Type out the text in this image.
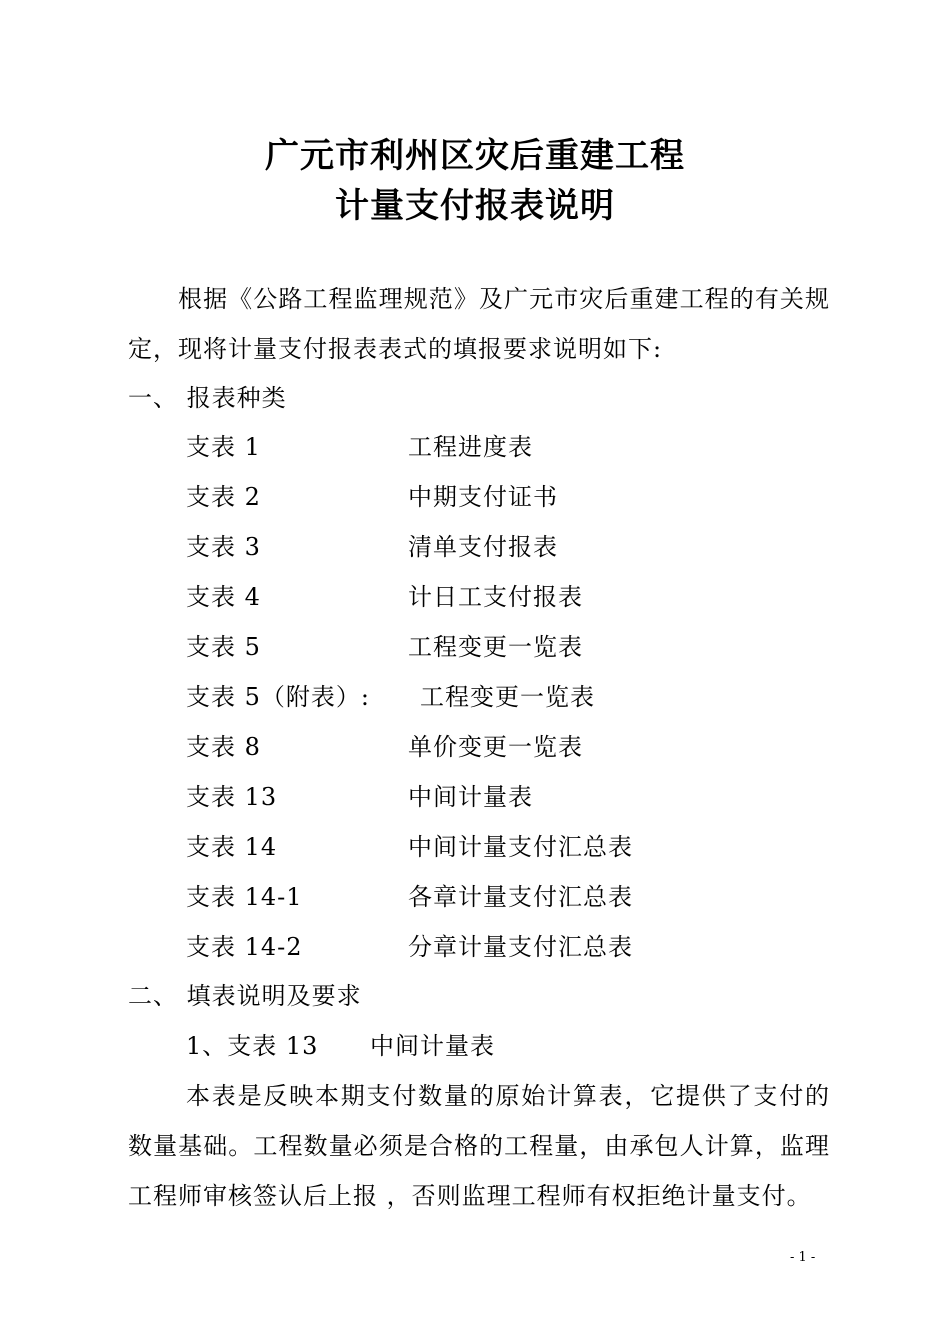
广元市利州区灾后重建工程
计量支付报表说明
根据《公路工程监理规范》及广元市灾后重建工程的有关规
定，现将计量支付报表表式的填报要求说明如下:
一、 报表种类
支表 1	工程进度表
支表 2	中期支付证书
支表 3	清单支付报表
支表 4	计日工支付报表
支表 5	工程变更一览表
支表 5（附表）: 工程变更一览表
支表 8	单价变更一览表
支表 13	中间计量表
支表 14	中间计量支付汇总表
支表 14-1	各章计量支付汇总表
支表 14-2	分章计量支付汇总表
二、 填表说明及要求
1、支表 13 中间计量表
本表是反映本期支付数量的原始计算表，它提供了支付的
数量基础。工程数量必须是合格的工程量，由承包人计算，监理
工程师审核签认后上报 ，否则监理工程师有权拒绝计量支付。
- 1 -
